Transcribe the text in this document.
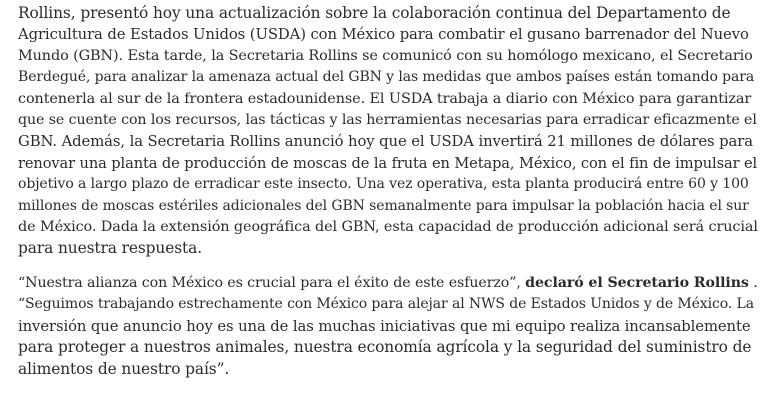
Rollins, presentó hoy una actualización sobre la colaboración continua del Departamento de
Agricultura de Estados Unidos (USDA) con México para combatir el gusano barrenador del Nuevo
Mundo (GBN). Esta tarde, la Secretaria Rollins se comunicó con su homólogo mexicano, el Secretario
Berdegué, para analizar la amenaza actual del GBN y las medidas que ambos países están tomando para
contenerla al sur de la frontera estadounidense. El USDA trabaja a diario con México para garantizar
que se cuente con los recursos, las tácticas y las herramientas necesarias para erradicar eficazmente el
GBN. Además, la Secretaria Rollins anunció hoy que el USDA invertirá 21 millones de dólares para
renovar una planta de producción de moscas de la fruta en Metapa, México, con el fin de impulsar el
objetivo a largo plazo de erradicar este insecto. Una vez operativa, esta planta producirá entre 60 y 100
millones de moscas estériles adicionales del GBN semanalmente para impulsar la población hacia el sur
de México. Dada la extensión geográfica del GBN, esta capacidad de producción adicional será crucial
para nuestra respuesta.

“Nuestra alianza con México es crucial para el éxito de este esfuerzo”, declaró el Secretario Rollins .
“Seguimos trabajando estrechamente con México para alejar al NWS de Estados Unidos y de México. La
inversión que anuncio hoy es una de las muchas iniciativas que mi equipo realiza incansablemente
para proteger a nuestros animales, nuestra economía agrícola y la seguridad del suministro de
alimentos de nuestro país”.
